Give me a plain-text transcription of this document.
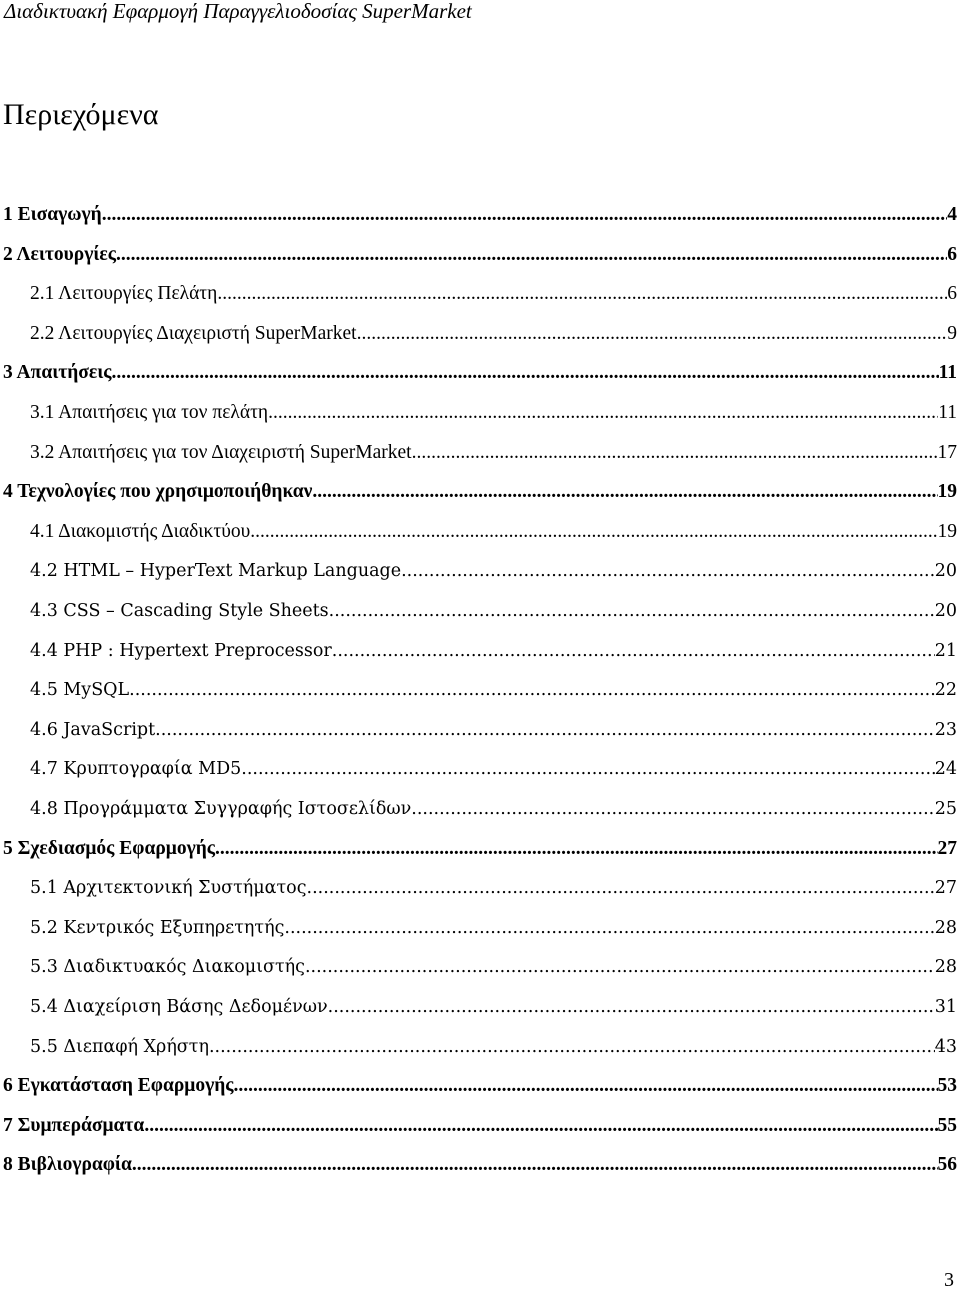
Διαδικτυακή Εφαρμογή Παραγγελιοδοσίας SuperMarket
Περιεχόμενα
1 Εισαγωγή .....	4
2 Λειτουργίες .....	6
2.1 Λειτουργίες Πελάτη .....	6
2.2 Λειτουργίες Διαχειριστή SuperMarket .....	9
3 Απαιτήσεις .....	11
3.1 Απαιτήσεις για τον πελάτη .....	11
3.2 Απαιτήσεις για τον Διαχειριστή SuperMarket .....	17
4 Τεχνολογίες που χρησιμοποιήθηκαν .....	19
4.1 Διακομιστής Διαδικτύου .....	19
4.2 HTML – HyperText Markup Language .....	20
4.3 CSS – Cascading Style Sheets .....	20
4.4 PHP : Hypertext Preprocessor .....	21
4.5 MySQL .....	22
4.6 JavaScript .....	23
4.7 Κρυπτογραφία MD5 .....	24
4.8 Προγράμματα Συγγραφής Ιστοσελίδων .....	25
5 Σχεδιασμός Εφαρμογής .....	27
5.1 Αρχιτεκτονική Συστήματος .....	27
5.2 Κεντρικός Εξυπηρετητής .....	28
5.3 Διαδικτυακός Διακομιστής .....	28
5.4 Διαχείριση Βάσης Δεδομένων .....	31
5.5 Διεπαφή Χρήστη .....	43
6 Εγκατάσταση Εφαρμογής .....	53
7 Συμπεράσματα .....	55
8 Βιβλιογραφία .....	56
3
